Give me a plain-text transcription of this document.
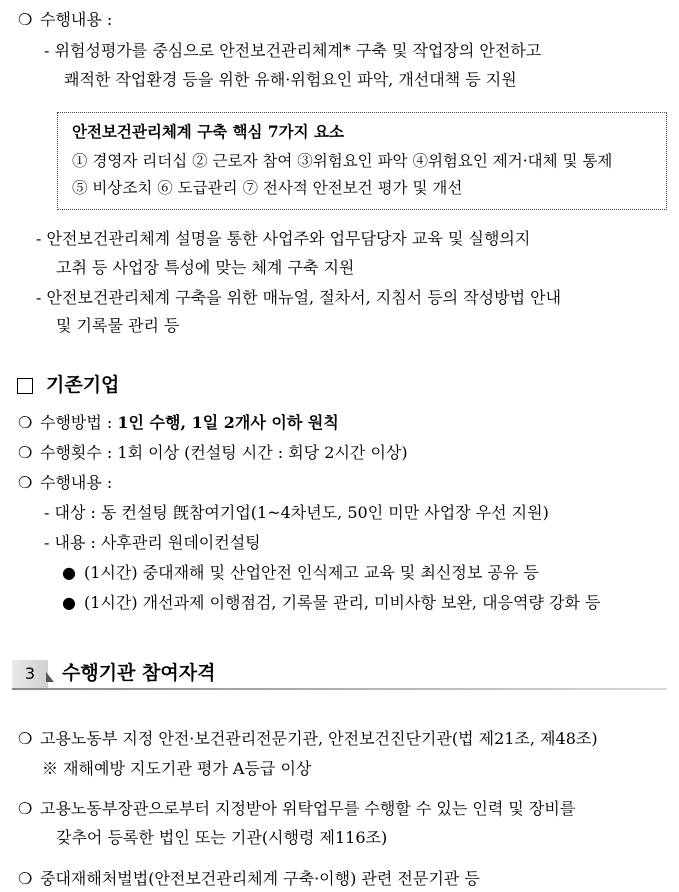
❍ 수행내용 :
- 위험성평가를 중심으로 안전보건관리체계* 구축 및 작업장의 안전하고
쾌적한 작업환경 등을 위한 유해·위험요인 파악, 개선대책 등 지원
안전보건관리체계 구축 핵심 7가지 요소
① 경영자 리더십 ② 근로자 참여 ③위험요인 파악 ④위험요인 제거·대체 및 통제
⑤ 비상조치 ⑥ 도급관리 ⑦ 전사적 안전보건 평가 및 개선
- 안전보건관리체계 설명을 통한 사업주와 업무담당자 교육 및 실행의지
고취 등 사업장 특성에 맞는 체계 구축 지원
- 안전보건관리체계 구축을 위한 매뉴얼, 절차서, 지침서 등의 작성방법 안내
및 기록물 관리 등
기존기업
❍ 수행방법 : 1인 수행, 1일 2개사 이하 원칙
❍ 수행횟수 : 1회 이상 (컨설팅 시간 : 회당 2시간 이상)
❍ 수행내용 :
- 대상 : 동 컨설팅 旣참여기업(1~4차년도, 50인 미만 사업장 우선 지원)
- 내용 : 사후관리 원데이컨설팅
● (1시간) 중대재해 및 산업안전 인식제고 교육 및 최신정보 공유 등
● (1시간) 개선과제 이행점검, 기록물 관리, 미비사항 보완, 대응역량 강화 등
3	수행기관 참여자격
❍ 고용노동부 지정 안전·보건관리전문기관, 안전보건진단기관(법 제21조, 제48조)
※ 재해예방 지도기관 평가 A등급 이상
❍ 고용노동부장관으로부터 지정받아 위탁업무를 수행할 수 있는 인력 및 장비를
갖추어 등록한 법인 또는 기관(시행령 제116조)
❍ 중대재해처벌법(안전보건관리체계 구축·이행) 관련 전문기관 등
